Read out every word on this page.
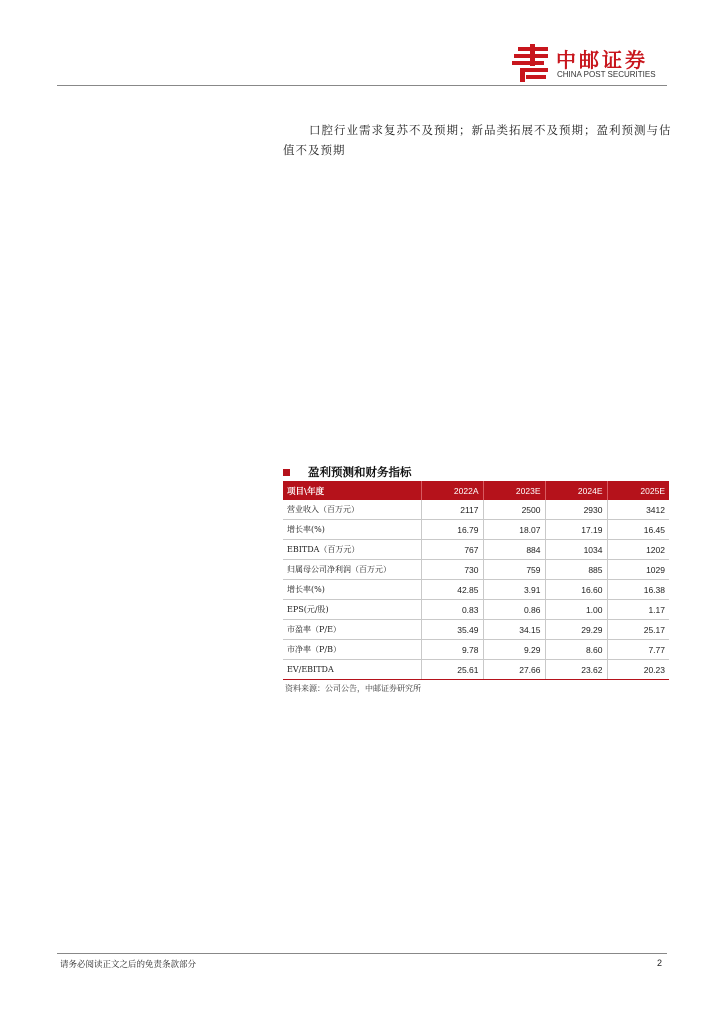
中邮证券
CHINA POST SECURITIES
口腔行业需求复苏不及预期；新品类拓展不及预期；盈利预测与估值不及预期
盈利预测和财务指标
项目\年度	2022A	2023E	2024E	2025E
营业收入（百万元）	2117	2500	2930	3412
增长率(%)	16.79	18.07	17.19	16.45
EBITDA（百万元）	767	884	1034	1202
归属母公司净利润（百万元）	730	759	885	1029
增长率(%)	42.85	3.91	16.60	16.38
EPS(元/股)	0.83	0.86	1.00	1.17
市盈率（P/E）	35.49	34.15	29.29	25.17
市净率（P/B）	9.78	9.29	8.60	7.77
EV/EBITDA	25.61	27.66	23.62	20.23
资料来源：公司公告，中邮证券研究所
请务必阅读正文之后的免责条款部分	2
